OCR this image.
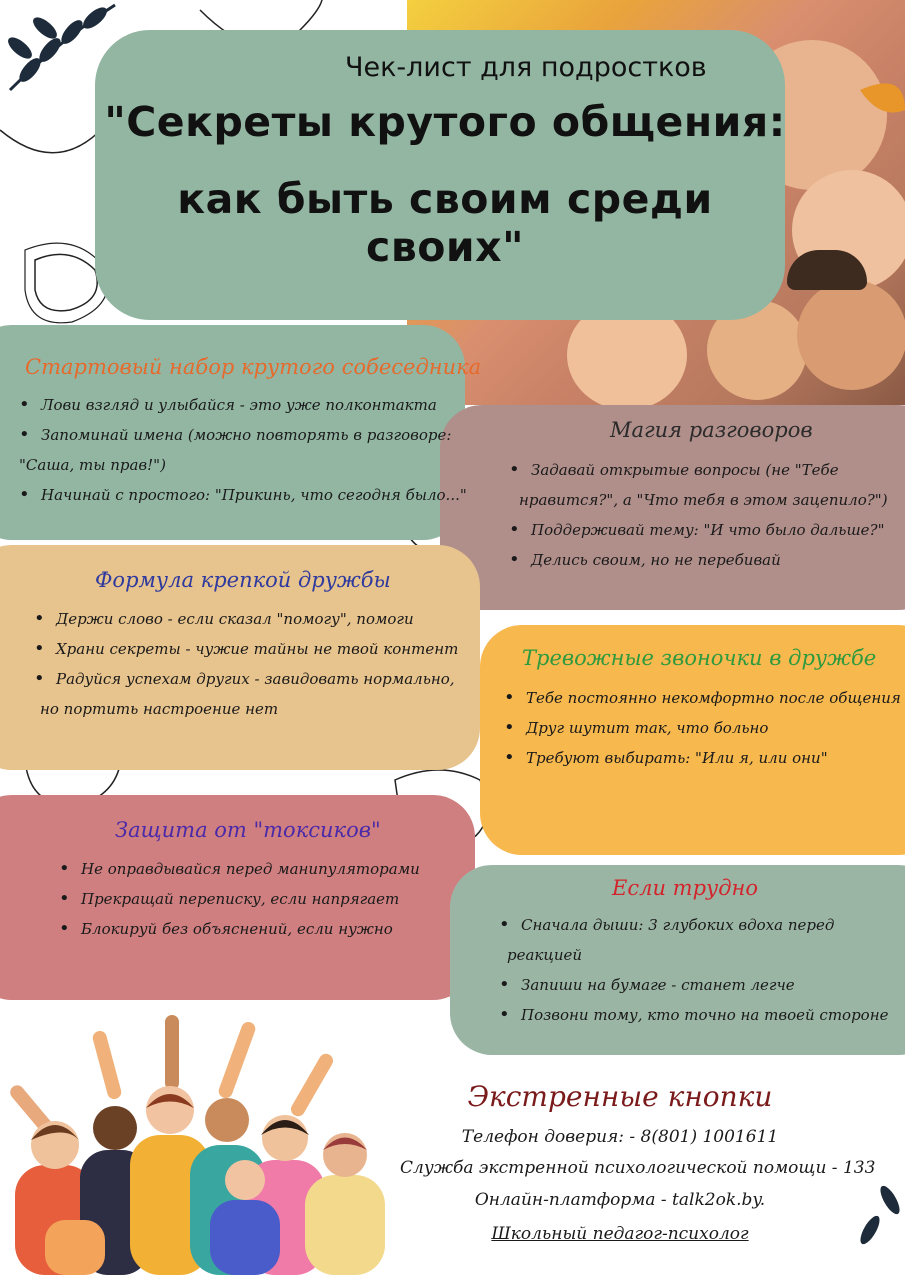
Чек-лист для подростков
"Секреты крутого общения:
как быть своим среди своих"
Стартовый набор крутого собеседника
• Лови взгляд и улыбайся - это уже полконтакта
• Запоминай имена (можно повторять в разговоре:
"Саша, ты прав!")
• Начинай с простого: "Прикинь, что сегодня было..."
Магия разговоров
• Задавай открытые вопросы (не "Тебе
нравится?", а "Что тебя в этом зацепило?")
• Поддерживай тему: "И что было дальше?"
• Делись своим, но не перебивай
Формула крепкой дружбы
• Держи слово - если сказал "помогу", помоги
• Храни секреты - чужие тайны не твой контент
• Радуйся успехам других - завидовать нормально,
но портить настроение нет
Тревожные звоночки в дружбе
• Тебе постоянно некомфортно после общения
• Друг шутит так, что больно
• Требуют выбирать: "Или я, или они"
Защита от "токсиков"
• Не оправдывайся перед манипуляторами
• Прекращай переписку, если напрягает
• Блокируй без объяснений, если нужно
Если трудно
• Сначала дыши: 3 глубоких вдоха перед
реакцией
• Запиши на бумаге - станет легче
• Позвони тому, кто точно на твоей стороне
Экстренные кнопки
Телефон доверия: - 8(801) 1001611
Служба экстренной психологической помощи - 133
Онлайн-платформа - talk2ok.by.
Школьный педагог-психолог
